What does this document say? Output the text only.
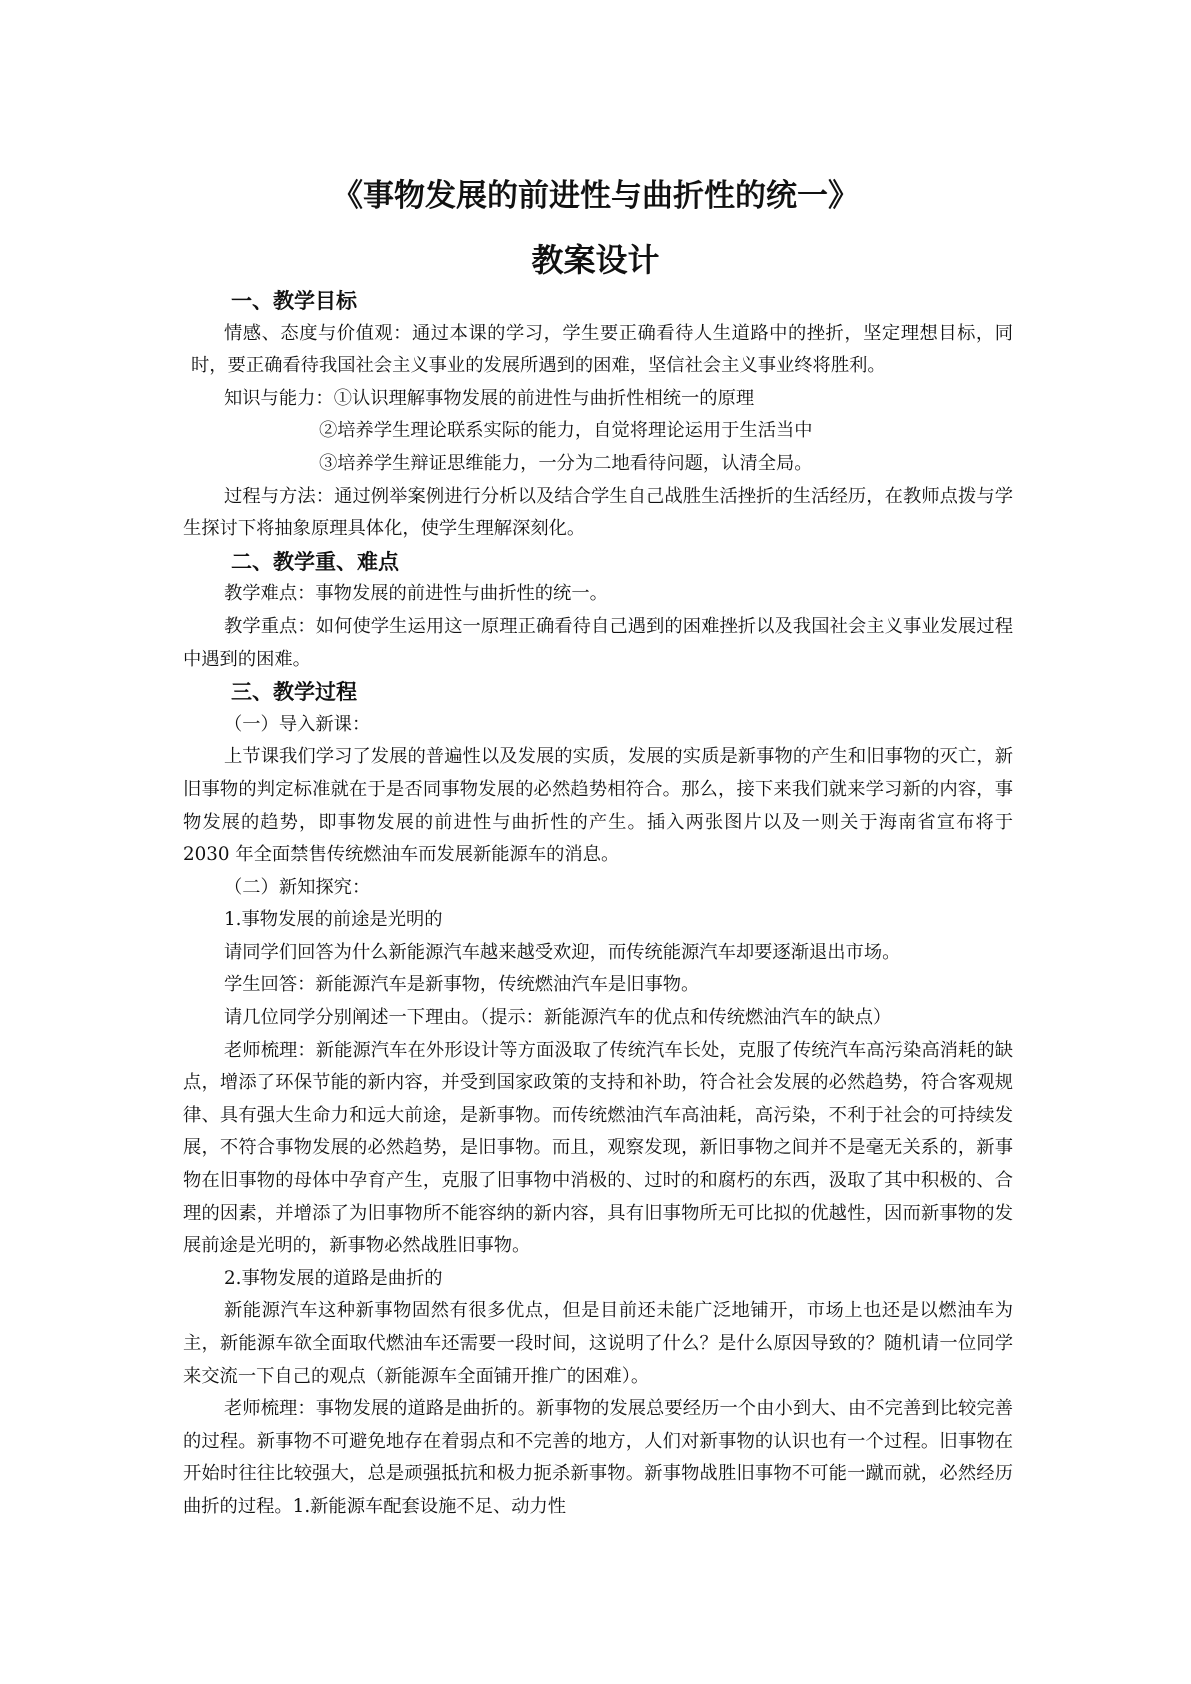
《事物发展的前进性与曲折性的统一》
教案设计

一、教学目标

情感、态度与价值观：通过本课的学习，学生要正确看待人生道路中的挫折，坚定理想目标，同时，要正确看待我国社会主义事业的发展所遇到的困难，坚信社会主义事业终将胜利。

知识与能力：①认识理解事物发展的前进性与曲折性相统一的原理

②培养学生理论联系实际的能力，自觉将理论运用于生活当中

③培养学生辩证思维能力，一分为二地看待问题，认清全局。

过程与方法：通过例举案例进行分析以及结合学生自己战胜生活挫折的生活经历，在教师点拨与学生探讨下将抽象原理具体化，使学生理解深刻化。

二、教学重、难点

教学难点：事物发展的前进性与曲折性的统一。

教学重点：如何使学生运用这一原理正确看待自己遇到的困难挫折以及我国社会主义事业发展过程中遇到的困难。

三、教学过程

（一）导入新课：

上节课我们学习了发展的普遍性以及发展的实质，发展的实质是新事物的产生和旧事物的灭亡，新旧事物的判定标准就在于是否同事物发展的必然趋势相符合。那么，接下来我们就来学习新的内容，事物发展的趋势，即事物发展的前进性与曲折性的产生。插入两张图片以及一则关于海南省宣布将于 2030 年全面禁售传统燃油车而发展新能源车的消息。

（二）新知探究：

1.事物发展的前途是光明的

请同学们回答为什么新能源汽车越来越受欢迎，而传统能源汽车却要逐渐退出市场。

学生回答：新能源汽车是新事物，传统燃油汽车是旧事物。

请几位同学分别阐述一下理由。（提示：新能源汽车的优点和传统燃油汽车的缺点）

老师梳理：新能源汽车在外形设计等方面汲取了传统汽车长处，克服了传统汽车高污染高消耗的缺点，增添了环保节能的新内容，并受到国家政策的支持和补助，符合社会发展的必然趋势，符合客观规律、具有强大生命力和远大前途，是新事物。而传统燃油汽车高油耗，高污染，不利于社会的可持续发展，不符合事物发展的必然趋势，是旧事物。而且，观察发现，新旧事物之间并不是毫无关系的，新事物在旧事物的母体中孕育产生，克服了旧事物中消极的、过时的和腐朽的东西，汲取了其中积极的、合理的因素，并增添了为旧事物所不能容纳的新内容，具有旧事物所无可比拟的优越性，因而新事物的发展前途是光明的，新事物必然战胜旧事物。

2.事物发展的道路是曲折的

新能源汽车这种新事物固然有很多优点，但是目前还未能广泛地铺开，市场上也还是以燃油车为主，新能源车欲全面取代燃油车还需要一段时间，这说明了什么？是什么原因导致的？随机请一位同学来交流一下自己的观点（新能源车全面铺开推广的困难）。

老师梳理：事物发展的道路是曲折的。新事物的发展总要经历一个由小到大、由不完善到比较完善的过程。新事物不可避免地存在着弱点和不完善的地方，人们对新事物的认识也有一个过程。旧事物在开始时往往比较强大，总是顽强抵抗和极力扼杀新事物。新事物战胜旧事物不可能一蹴而就，必然经历曲折的过程。1.新能源车配套设施不足、动力性
